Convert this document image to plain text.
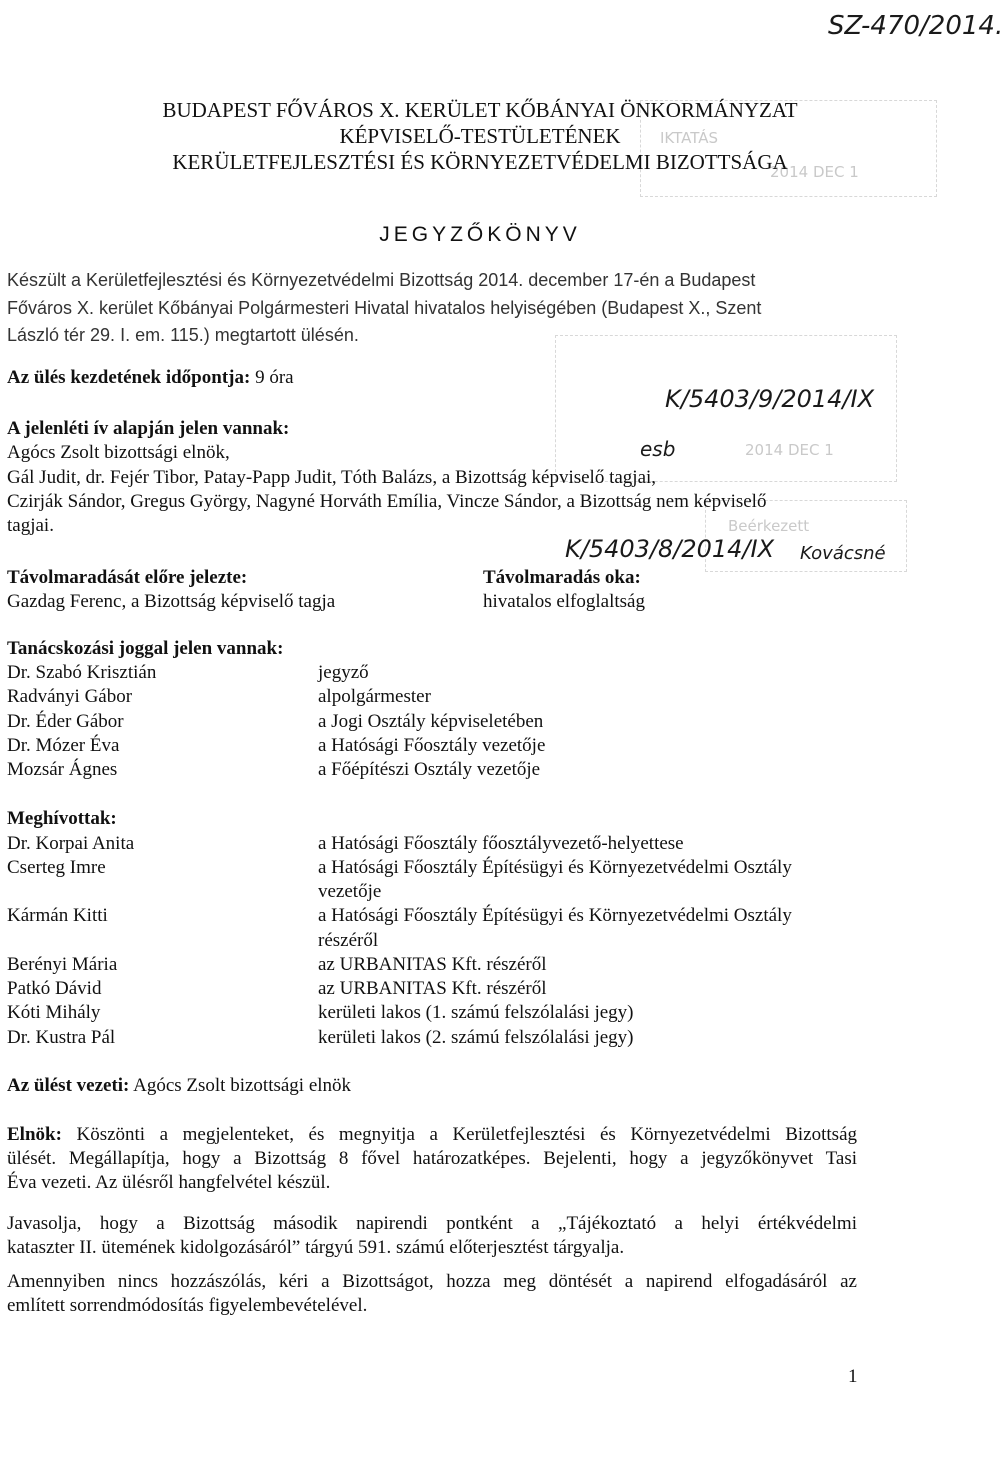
SZ-470/2014.
IKTATÁS
2014 DEC 1
BUDAPEST FŐVÁROS X. KERÜLET KŐBÁNYAI ÖNKORMÁNYZAT
KÉPVISELŐ-TESTÜLETÉNEK
KERÜLETFEJLESZTÉSI ÉS KÖRNYEZETVÉDELMI BIZOTTSÁGA
JEGYZŐKÖNYV
Készült a Kerületfejlesztési és Környezetvédelmi Bizottság 2014. december 17-én a Budapest
Főváros X. kerület Kőbányai Polgármesteri Hivatal hivatalos helyiségében (Budapest X., Szent
László tér 29. I. em. 115.) megtartott ülésén.
Az ülés kezdetének időpontja: 9 óra
2014 DEC 1
Beérkezett
K/5403/9/2014/IX
esb
K/5403/8/2014/IX Kovácsné
A jelenléti ív alapján jelen vannak:
Agócs Zsolt bizottsági elnök,
Gál Judit, dr. Fejér Tibor, Patay-Papp Judit, Tóth Balázs, a Bizottság képviselő tagjai,
Czirják Sándor, Gregus György, Nagyné Horváth Emília, Vincze Sándor, a Bizottság nem képviselő
tagjai.
Távolmaradását előre jelezte:
Gazdag Ferenc, a Bizottság képviselő tagja
Távolmaradás oka:
hivatalos elfoglaltság
Tanácskozási joggal jelen vannak:
Dr. Szabó Krisztián	jegyző
Radványi Gábor	alpolgármester
Dr. Éder Gábor	a Jogi Osztály képviseletében
Dr. Mózer Éva	a Hatósági Főosztály vezetője
Mozsár Ágnes	a Főépítészi Osztály vezetője
Meghívottak:
Dr. Korpai Anita	a Hatósági Főosztály főosztályvezető-helyettese
Cserteg Imre	a Hatósági Főosztály Építésügyi és Környezetvédelmi Osztály
vezetője
Kármán Kitti	a Hatósági Főosztály Építésügyi és Környezetvédelmi Osztály
részéről
Berényi Mária	az URBANITAS Kft. részéről
Patkó Dávid	az URBANITAS Kft. részéről
Kóti Mihály	kerületi lakos (1. számú felszólalási jegy)
Dr. Kustra Pál	kerületi lakos (2. számú felszólalási jegy)
Az ülést vezeti: Agócs Zsolt bizottsági elnök
Elnök: Köszönti a megjelenteket, és megnyitja a Kerületfejlesztési és Környezetvédelmi Bizottság
ülését. Megállapítja, hogy a Bizottság 8 fővel határozatképes. Bejelenti, hogy a jegyzőkönyvet Tasi
Éva vezeti. Az ülésről hangfelvétel készül.
Javasolja, hogy a Bizottság második napirendi pontként a „Tájékoztató a helyi értékvédelmi
kataszter II. ütemének kidolgozásáról” tárgyú 591. számú előterjesztést tárgyalja.
Amennyiben nincs hozzászólás, kéri a Bizottságot, hozza meg döntését a napirend elfogadásáról az
említett sorrendmódosítás figyelembevételével.
1
